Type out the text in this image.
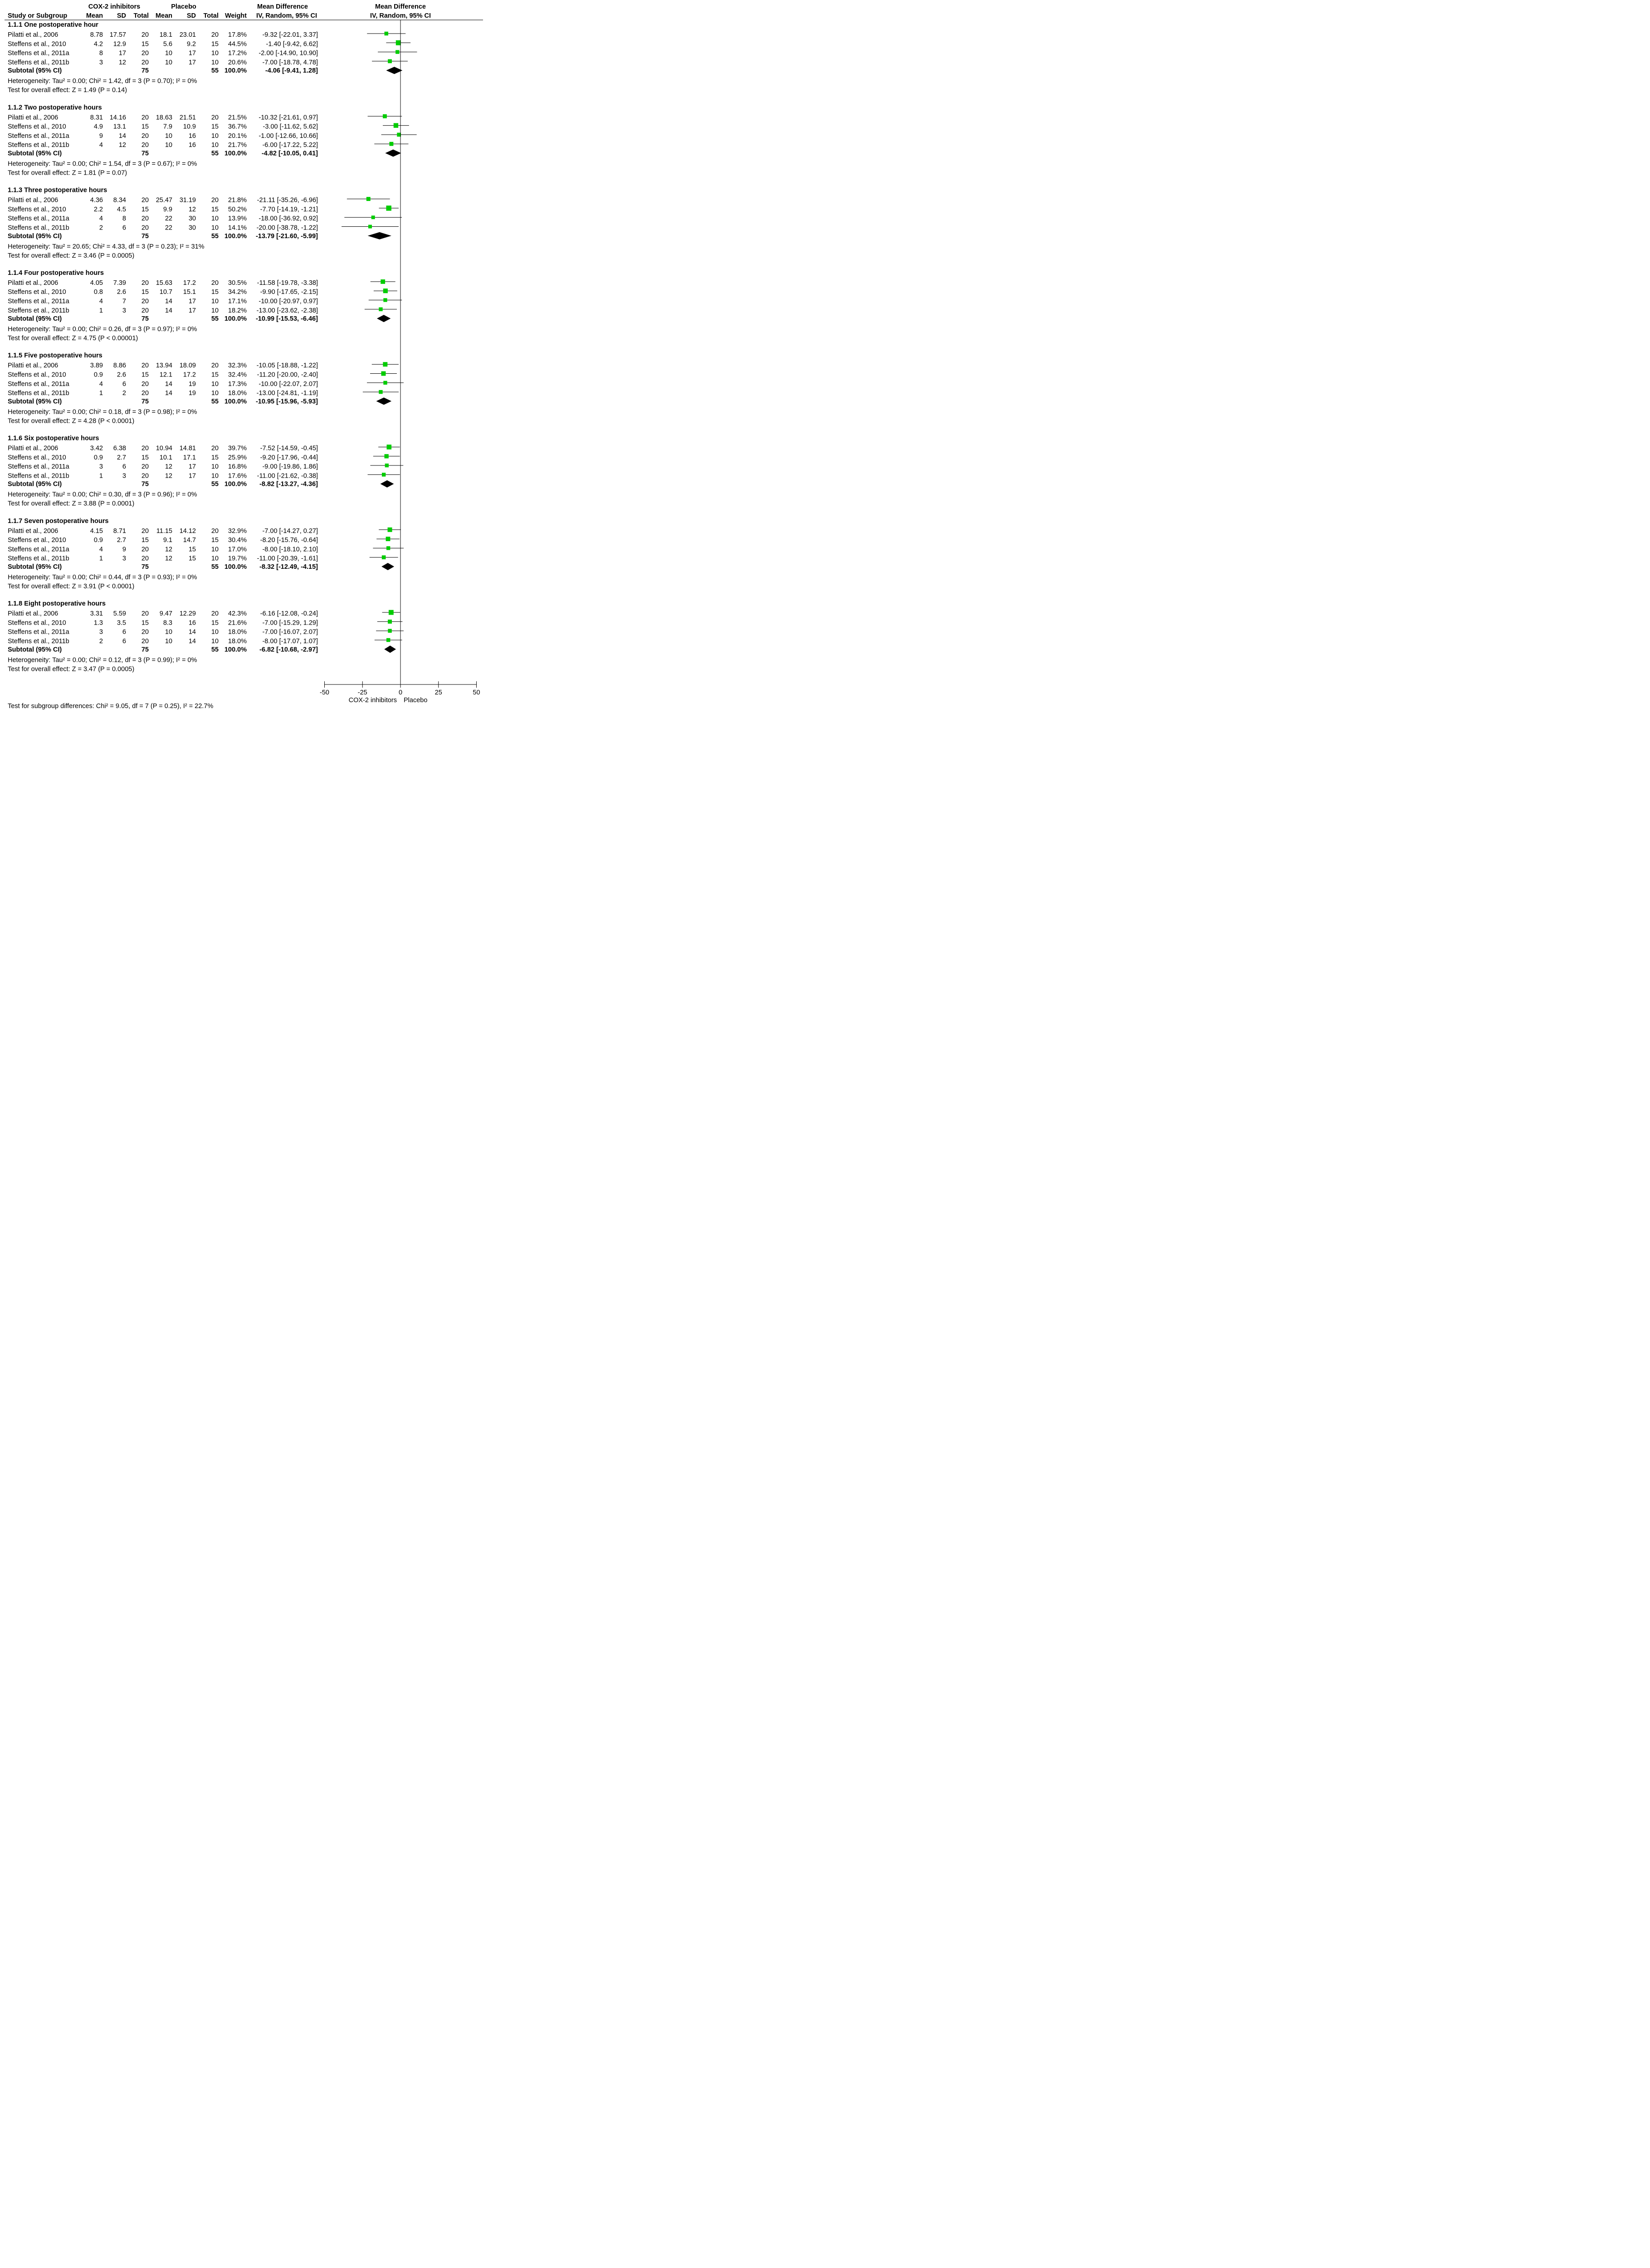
COX-2 inhibitors	Placebo	Mean Difference	Mean Difference
Study or Subgroup	Mean SD Total Mean SD Total Weight IV, Random, 95% CI	IV, Random, 95% CI
1.1.1 One postoperative hour
Pilatti et al., 2006	8.78 17.57 20 18.1 23.01 20 17.8% -9.32 [-22.01, 3.37]
Steffens et al., 2010	4.2 12.9 15 5.6 9.2 15 44.5%	-1.40 [-9.42, 6.62]
Steffens et al., 2011a	8 17 20 10 17 10 17.2% -2.00 [-14.90, 10.90]
Steffens et al., 2011b	3 12 20 10 17 10 20.6% -7.00 [-18.78, 4.78]
Subtotal (95% CI)	75	55 100.0%	-4.06 [-9.41, 1.28]
Heterogeneity: Tau² = 0.00; Chi² = 1.42, df = 3 (P = 0.70); I² = 0%
Test for overall effect: Z = 1.49 (P = 0.14)
1.1.2 Two postoperative hours
Pilatti et al., 2006	8.31 14.16 20 18.63 21.51 20 21.5% -10.32 [-21.61, 0.97]
Steffens et al., 2010	4.9 13.1 15 7.9 10.9 15 36.7% -3.00 [-11.62, 5.62]
Steffens et al., 2011a	9 14 20 10 16 10 20.1% -1.00 [-12.66, 10.66]
Steffens et al., 2011b	4 12 20 10 16 10 21.7% -6.00 [-17.22, 5.22]
Subtotal (95% CI)	75	55 100.0% -4.82 [-10.05, 0.41]
Heterogeneity: Tau² = 0.00; Chi² = 1.54, df = 3 (P = 0.67); I² = 0%
Test for overall effect: Z = 1.81 (P = 0.07)
1.1.3 Three postoperative hours
Pilatti et al., 2006	4.36 8.34 20 25.47 31.19 20 21.8% -21.11 [-35.26, -6.96]
Steffens et al., 2010	2.2 4.5 15 9.9 12 15 50.2% -7.70 [-14.19, -1.21]
Steffens et al., 2011a	4	8 20 22 30 10 13.9% -18.00 [-36.92, 0.92]
Steffens et al., 2011b	2	6 20 22 30 10 14.1% -20.00 [-38.78, -1.22]
Subtotal (95% CI)	75	55 100.0% -13.79 [-21.60, -5.99]
Heterogeneity: Tau² = 20.65; Chi² = 4.33, df = 3 (P = 0.23); I² = 31%
Test for overall effect: Z = 3.46 (P = 0.0005)
1.1.4 Four postoperative hours
Pilatti et al., 2006	4.05 7.39 20 15.63 17.2 20 30.5% -11.58 [-19.78, -3.38]
Steffens et al., 2010	0.8 2.6 15 10.7 15.1 15 34.2% -9.90 [-17.65, -2.15]
Steffens et al., 2011a	4	7 20 14 17 10 17.1% -10.00 [-20.97, 0.97]
Steffens et al., 2011b	1	3 20 14 17 10 18.2% -13.00 [-23.62, -2.38]
Subtotal (95% CI)	75	55 100.0% -10.99 [-15.53, -6.46]
Heterogeneity: Tau² = 0.00; Chi² = 0.26, df = 3 (P = 0.97); I² = 0%
Test for overall effect: Z = 4.75 (P < 0.00001)
1.1.5 Five postoperative hours
Pilatti et al., 2006	3.89 8.86 20 13.94 18.09 20 32.3% -10.05 [-18.88, -1.22]
Steffens et al., 2010	0.9 2.6 15 12.1 17.2 15 32.4% -11.20 [-20.00, -2.40]
Steffens et al., 2011a	4	6 20 14 19 10 17.3% -10.00 [-22.07, 2.07]
Steffens et al., 2011b	1	2 20 14 19 10 18.0% -13.00 [-24.81, -1.19]
Subtotal (95% CI)	75	55 100.0% -10.95 [-15.96, -5.93]
Heterogeneity: Tau² = 0.00; Chi² = 0.18, df = 3 (P = 0.98); I² = 0%
Test for overall effect: Z = 4.28 (P < 0.0001)
1.1.6 Six postoperative hours
Pilatti et al., 2006	3.42 6.38 20 10.94 14.81 20 39.7% -7.52 [-14.59, -0.45]
Steffens et al., 2010	0.9 2.7 15 10.1 17.1 15 25.9% -9.20 [-17.96, -0.44]
Steffens et al., 2011a	3	6 20 12 17 10 16.8% -9.00 [-19.86, 1.86]
Steffens et al., 2011b	1	3 20 12 17 10 17.6% -11.00 [-21.62, -0.38]
Subtotal (95% CI)	75	55 100.0% -8.82 [-13.27, -4.36]
Heterogeneity: Tau² = 0.00; Chi² = 0.30, df = 3 (P = 0.96); I² = 0%
Test for overall effect: Z = 3.88 (P = 0.0001)
1.1.7 Seven postoperative hours
Pilatti et al., 2006	4.15 8.71 20 11.15 14.12 20 32.9% -7.00 [-14.27, 0.27]
Steffens et al., 2010	0.9 2.7 15 9.1 14.7 15 30.4% -8.20 [-15.76, -0.64]
Steffens et al., 2011a	4	9 20 12 15 10 17.0% -8.00 [-18.10, 2.10]
Steffens et al., 2011b	1	3 20 12 15 10 19.7% -11.00 [-20.39, -1.61]
Subtotal (95% CI)	75	55 100.0% -8.32 [-12.49, -4.15]
Heterogeneity: Tau² = 0.00; Chi² = 0.44, df = 3 (P = 0.93); I² = 0%
Test for overall effect: Z = 3.91 (P < 0.0001)
1.1.8 Eight postoperative hours
Pilatti et al., 2006	3.31 5.59 20 9.47 12.29 20 42.3% -6.16 [-12.08, -0.24]
Steffens et al., 2010	1.3 3.5 15 8.3 16 15 21.6% -7.00 [-15.29, 1.29]
Steffens et al., 2011a	3	6 20 10 14 10 18.0% -7.00 [-16.07, 2.07]
Steffens et al., 2011b	2	6 20 10 14 10 18.0% -8.00 [-17.07, 1.07]
Subtotal (95% CI)	75	55 100.0% -6.82 [-10.68, -2.97]
Heterogeneity: Tau² = 0.00; Chi² = 0.12, df = 3 (P = 0.99); I² = 0%
Test for overall effect: Z = 3.47 (P = 0.0005)
-50	-25	0	25	50
COX-2 inhibitors Placebo
Test for subgroup differences: Chi² = 9.05, df = 7 (P = 0.25), I² = 22.7%
